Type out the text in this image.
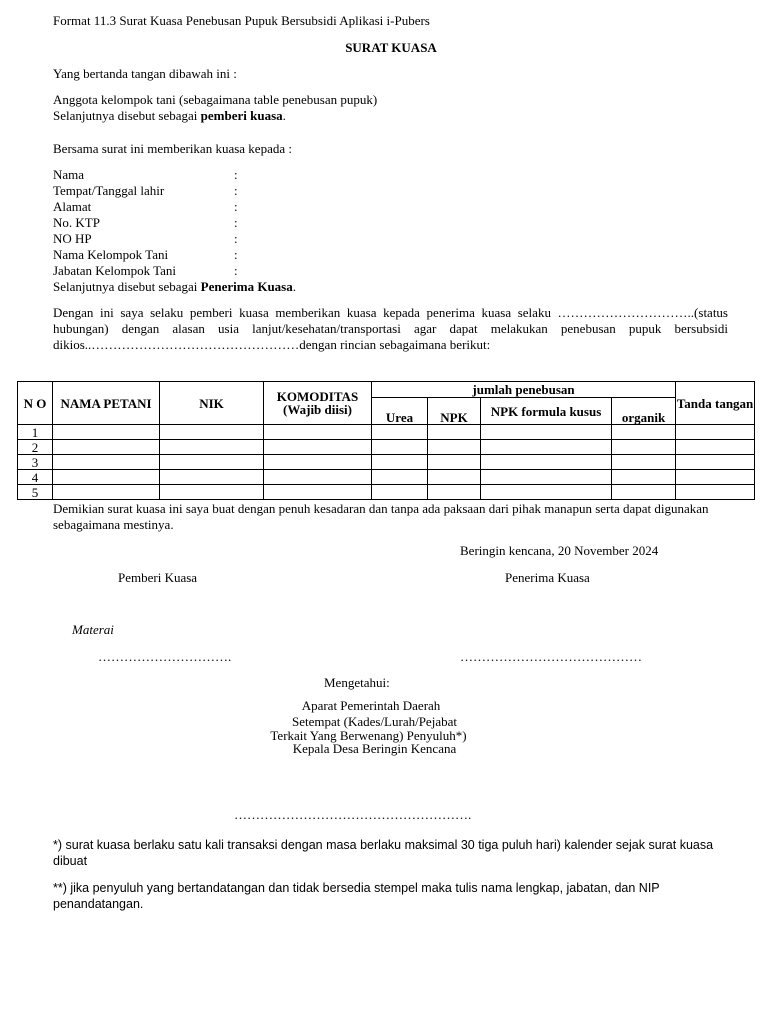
Format 11.3 Surat Kuasa Penebusan Pupuk Bersubsidi Aplikasi i-Pubers
SURAT KUASA
Yang bertanda tangan dibawah ini :
Anggota kelompok tani (sebagaimana table penebusan pupuk)
Selanjutnya disebut sebagai pemberi kuasa.
Bersama surat ini memberikan kuasa kepada :
Nama	:
Tempat/Tanggal lahir	:
Alamat	:
No. KTP	:
NO HP	:
Nama Kelompok Tani	:
Jabatan Kelompok Tani	:
Selanjutnya disebut sebagai Penerima Kuasa.
Dengan ini saya selaku pemberi kuasa memberikan kuasa kepada penerima kuasa selaku …………………………..(status hubungan) dengan alasan usia lanjut/kesehatan/transportasi agar dapat melakukan penebusan pupuk bersubsidi dikios..…………………………………………dengan rincian sebagaimana berikut:
N O	NAMA PETANI	NIK	KOMODITAS (Wajib diisi)	jumlah penebusan				Tanda tangan
				Urea	NPK	NPK formula kusus	organik	
1								
2								
3								
4								
5								
Demikian surat kuasa ini saya buat dengan penuh kesadaran dan tanpa ada paksaan dari pihak manapun serta dapat digunakan sebagaimana mestinya.
Beringin kencana, 20 November 2024
Pemberi Kuasa	Penerima Kuasa
Materai
………………………….	……………………………………
Mengetahui:
Aparat Pemerintah Daerah
Setempat (Kades/Lurah/Pejabat
Terkait Yang Berwenang) Penyuluh*)
Kepala Desa Beringin Kencana
……………………………………………….
*) surat kuasa berlaku satu kali transaksi dengan masa berlaku maksimal 30 tiga puluh hari) kalender sejak surat kuasa dibuat
**) jika penyuluh yang bertandatangan dan tidak bersedia stempel maka tulis nama lengkap, jabatan, dan NIP penandatangan.
